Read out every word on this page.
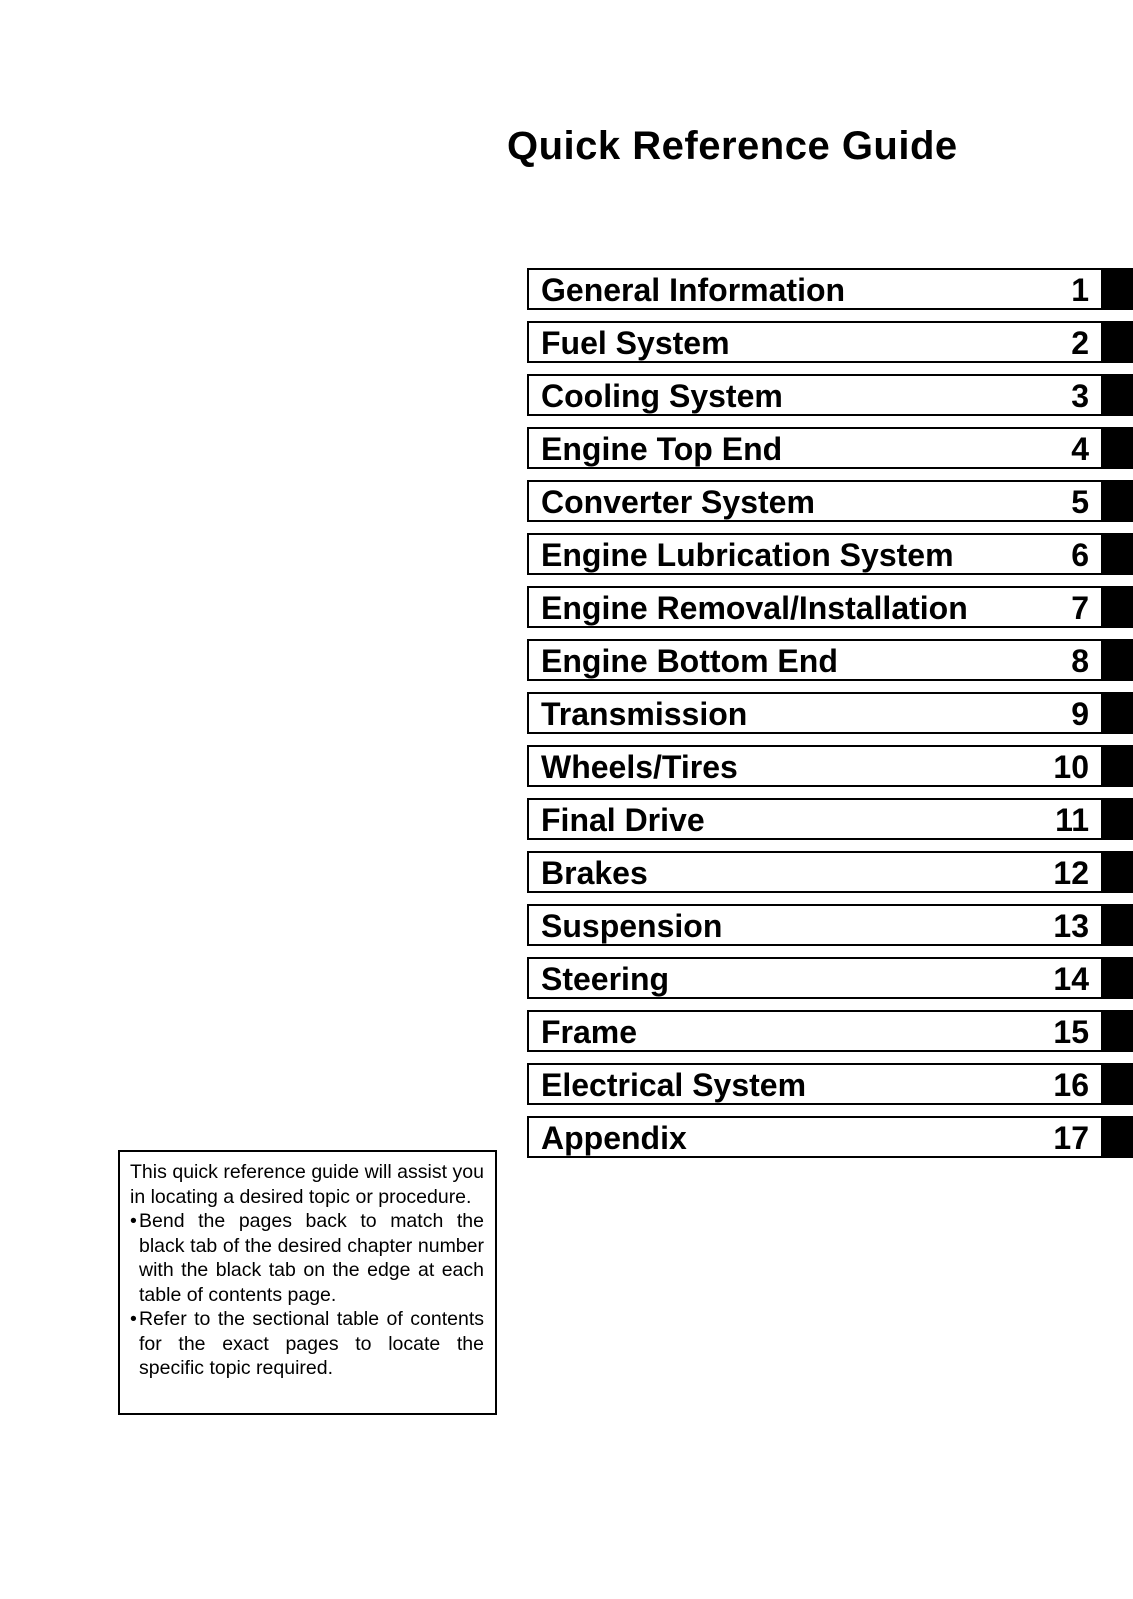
Quick Reference Guide
General Information	1
Fuel System	2
Cooling System	3
Engine Top End	4
Converter System	5
Engine Lubrication System	6
Engine Removal/Installation	7
Engine Bottom End	8
Transmission	9
Wheels/Tires	10
Final Drive	11
Brakes	12
Suspension	13
Steering	14
Frame	15
Electrical System	16
Appendix	17

This quick reference guide will assist you in locating a desired topic or procedure.

• Bend the pages back to match the black tab of the desired chapter number with the black tab on the edge at each table of contents page.

• Refer to the sectional table of contents for the exact pages to locate the specific topic required.
